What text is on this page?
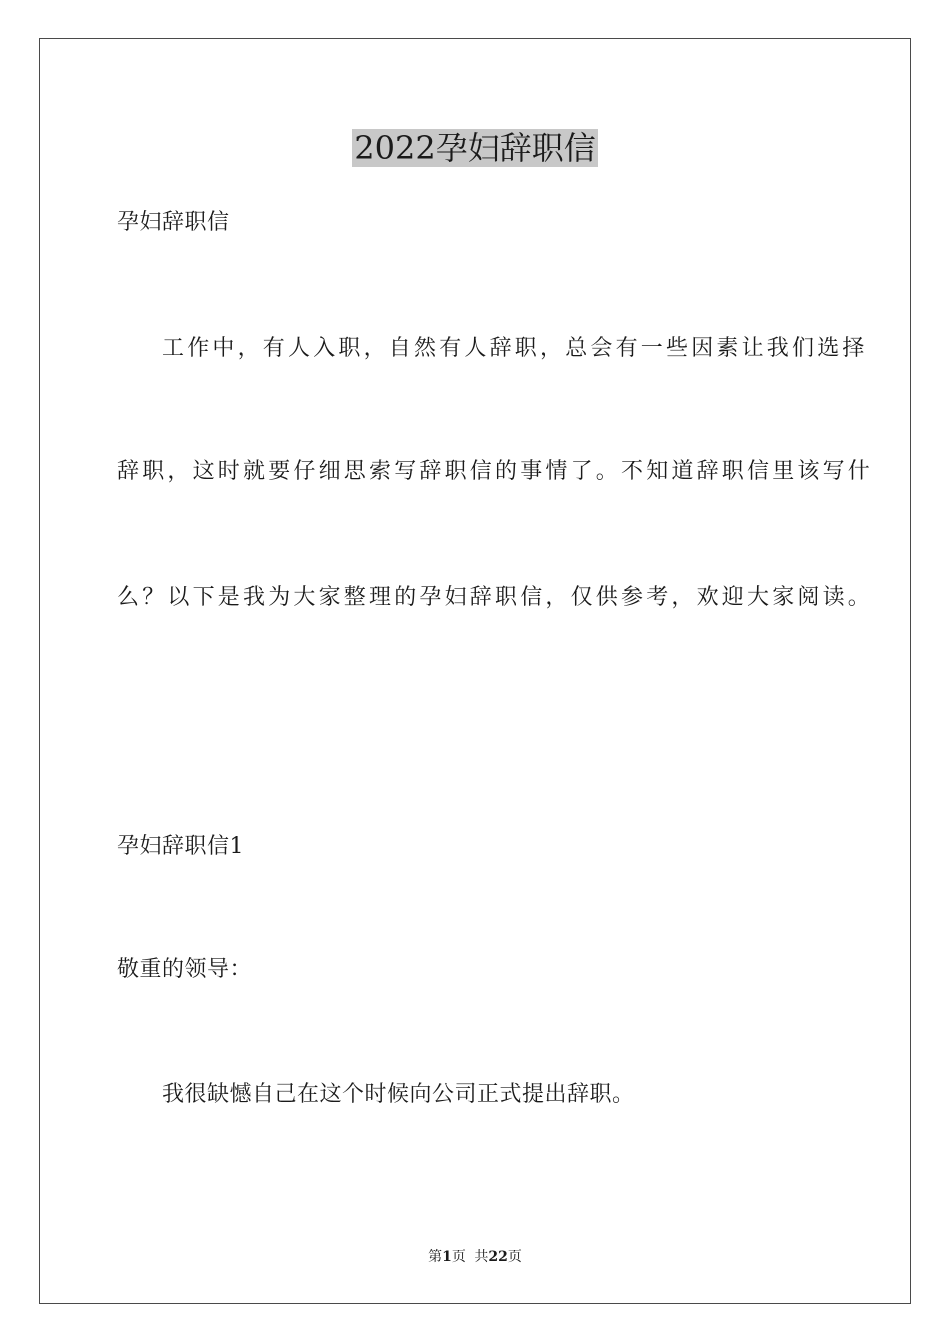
2022孕妇辞职信
孕妇辞职信
工作中，有人入职，自然有人辞职，总会有一些因素让我们选择
辞职，这时就要仔细思索写辞职信的事情了。不知道辞职信里该写什
么？以下是我为大家整理的孕妇辞职信，仅供参考，欢迎大家阅读。
孕妇辞职信1
敬重的领导：
我很缺憾自己在这个时候向公司正式提出辞职。
第1页 共22页
